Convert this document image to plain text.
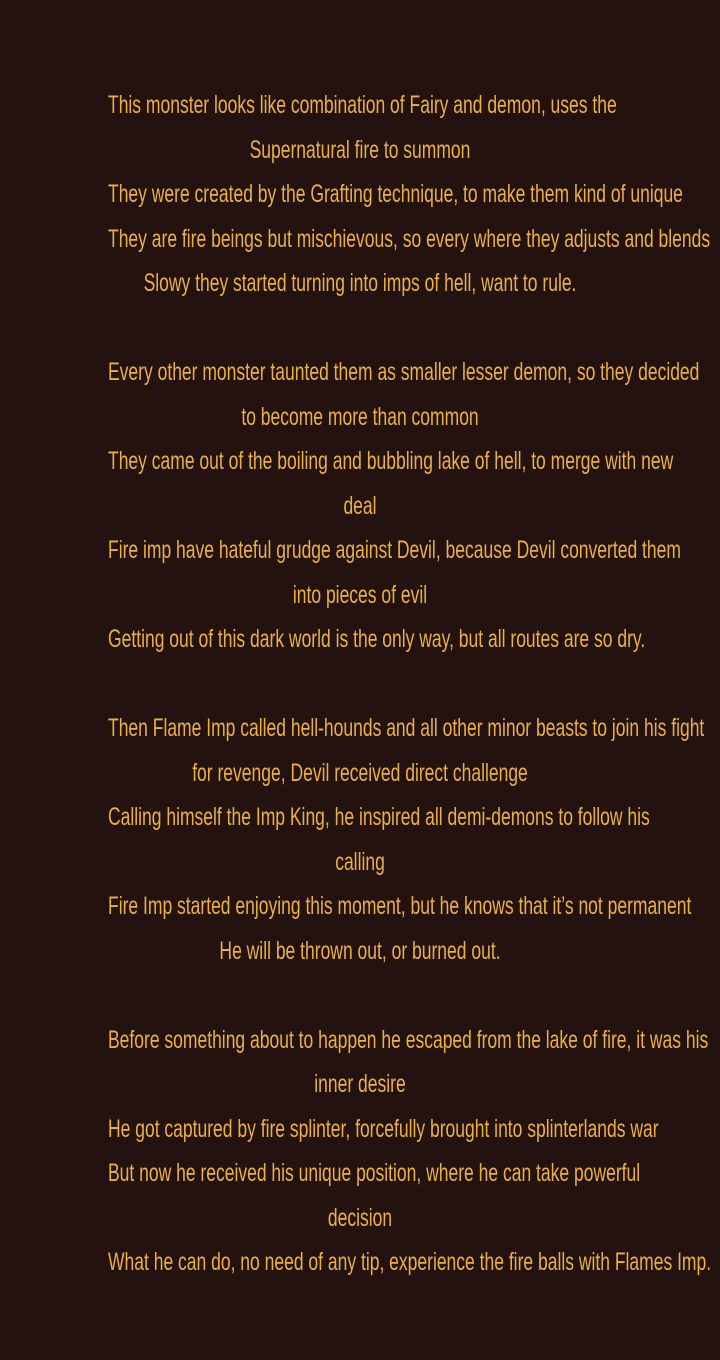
This monster looks like combination of Fairy and demon, uses the
Supernatural fire to summon
They were created by the Grafting technique, to make them kind of unique
They are fire beings but mischievous, so every where they adjusts and blends
Slowy they started turning into imps of hell, want to rule.
Every other monster taunted them as smaller lesser demon, so they decided
to become more than common
They came out of the boiling and bubbling lake of hell, to merge with new
deal
Fire imp have hateful grudge against Devil, because Devil converted them
into pieces of evil
Getting out of this dark world is the only way, but all routes are so dry.
Then Flame Imp called hell-hounds and all other minor beasts to join his fight
for revenge, Devil received direct challenge
Calling himself the Imp King, he inspired all demi-demons to follow his
calling
Fire Imp started enjoying this moment, but he knows that it’s not permanent
He will be thrown out, or burned out.
Before something about to happen he escaped from the lake of fire, it was his
inner desire
He got captured by fire splinter, forcefully brought into splinterlands war
But now he received his unique position, where he can take powerful
decision
What he can do, no need of any tip, experience the fire balls with Flames Imp.
